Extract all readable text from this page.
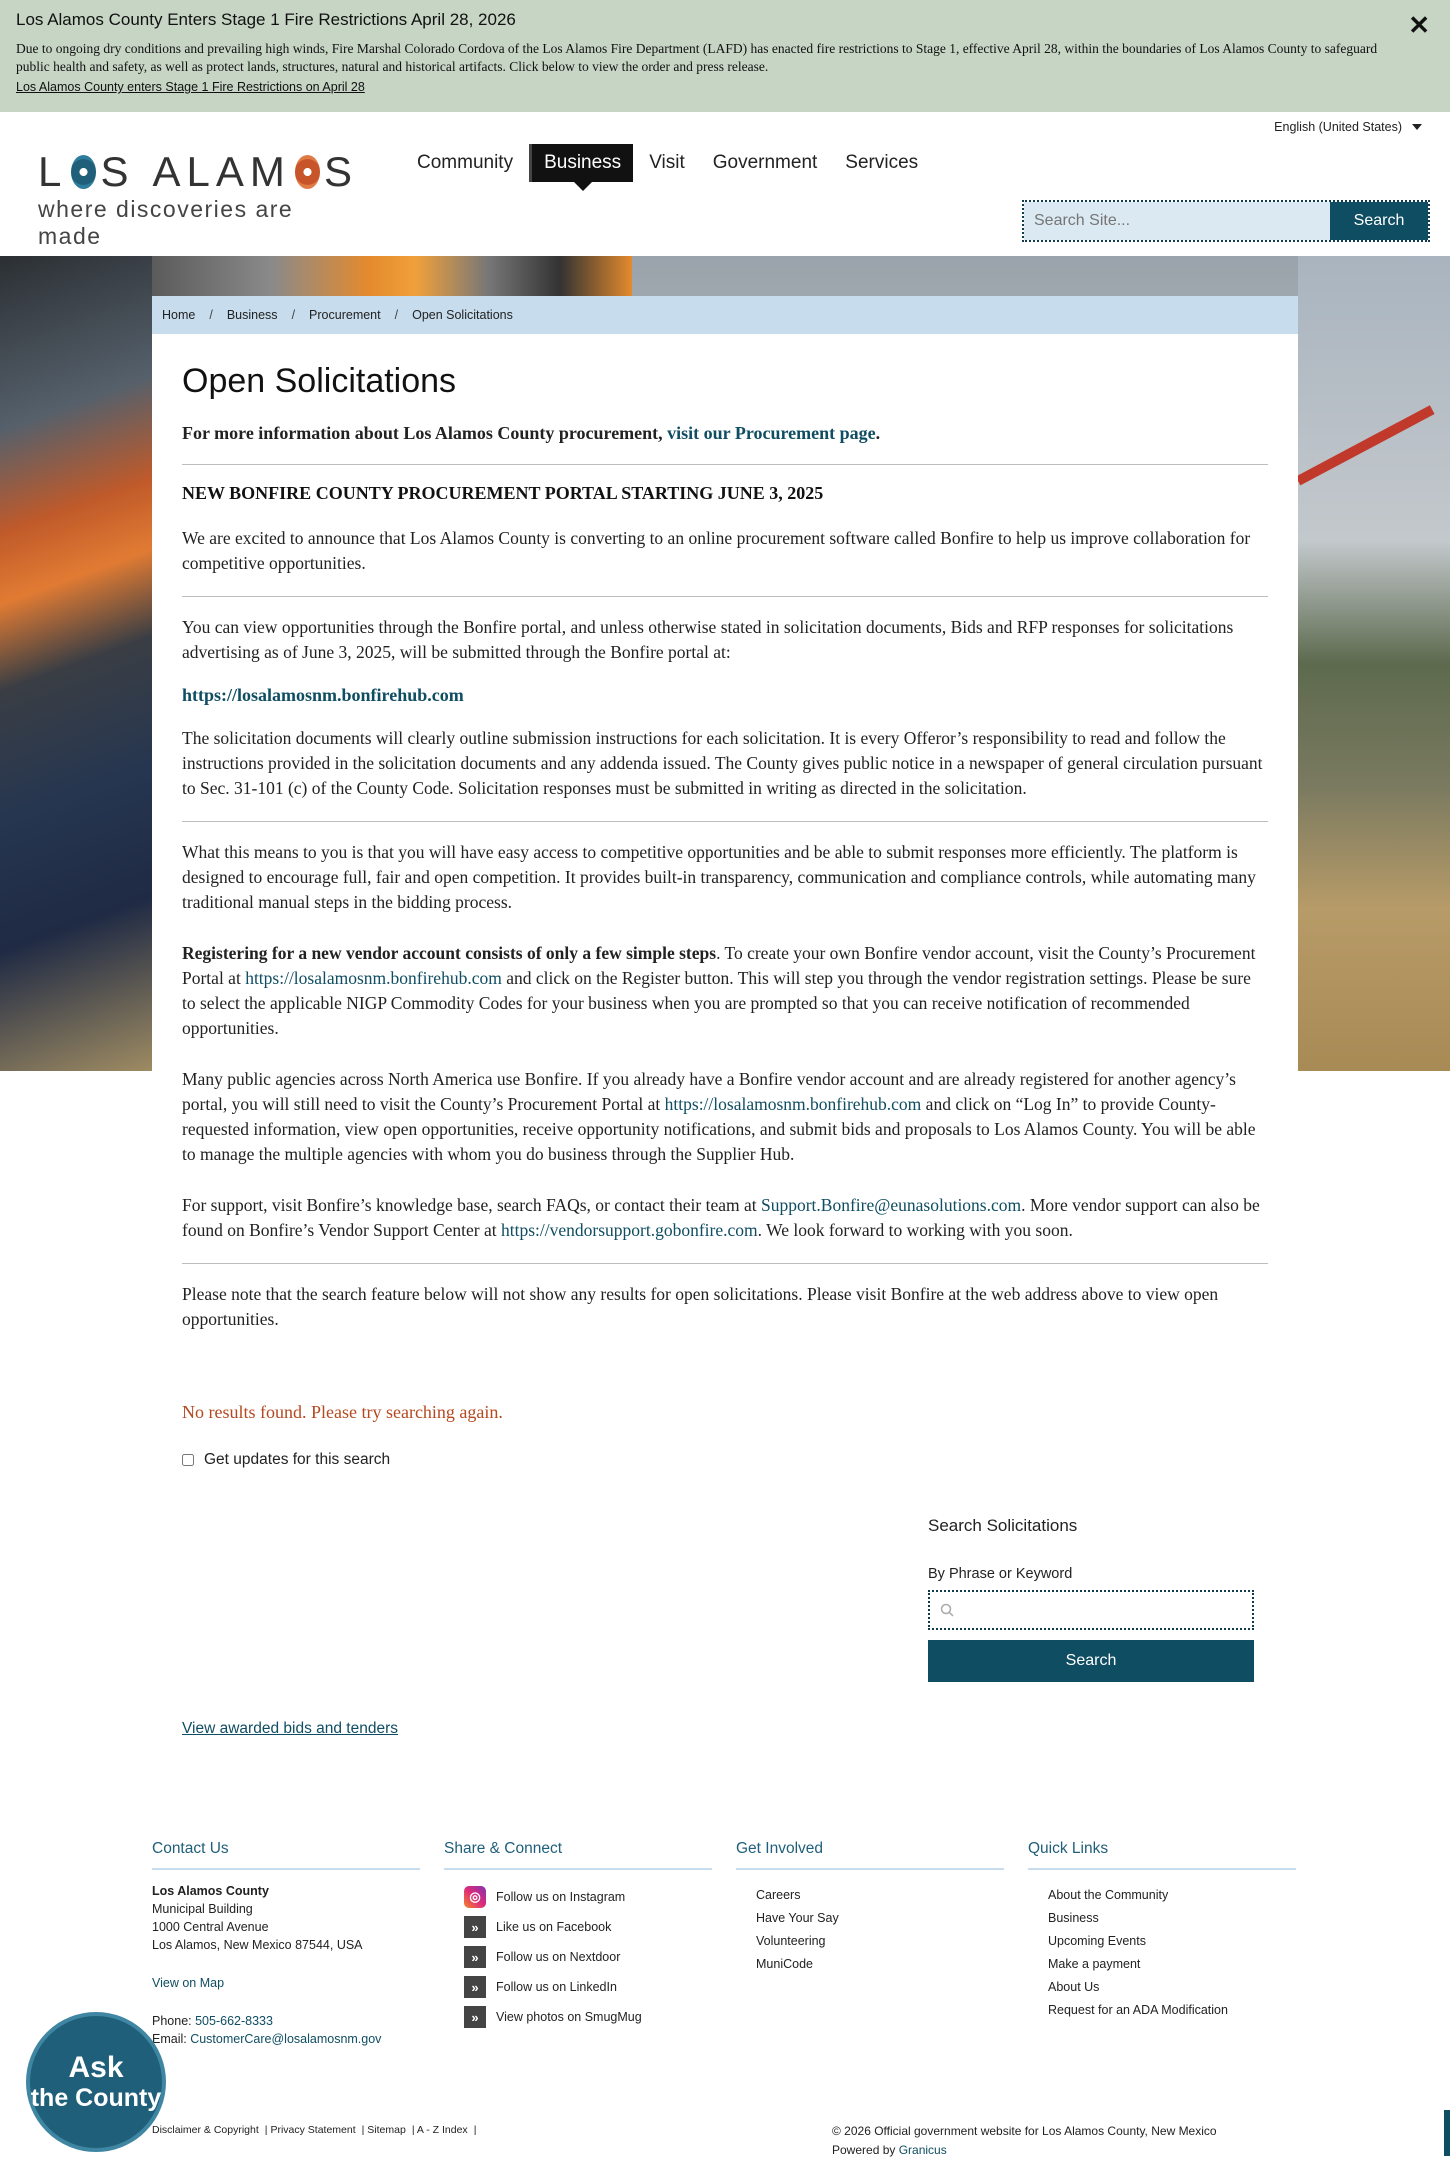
Los Alamos County Enters Stage 1 Fire Restrictions April 28, 2026
Due to ongoing dry conditions and prevailing high winds, Fire Marshal Colorado Cordova of the Los Alamos Fire Department (LAFD) has enacted fire restrictions to Stage 1, effective April 28, within the boundaries of Los Alamos County to safeguard public health and safety, as well as protect lands, structures, natural and historical artifacts. Click below to view the order and press release.
Los Alamos County enters Stage 1 Fire Restrictions on April 28
✕
L S ALAM S
where discoveries are made
Community	Business	Visit	Government	Services
English (United States)
Search Site...
Search
Home / Business / Procurement / Open Solicitations
Open Solicitations

For more information about Los Alamos County procurement, visit our Procurement page.

NEW BONFIRE COUNTY PROCUREMENT PORTAL STARTING JUNE 3, 2025

We are excited to announce that Los Alamos County is converting to an online procurement software called Bonfire to help us improve collaboration for competitive opportunities.

You can view opportunities through the Bonfire portal, and unless otherwise stated in solicitation documents, Bids and RFP responses for solicitations advertising as of June 3, 2025, will be submitted through the Bonfire portal at:

https://losalamosnm.bonfirehub.com

The solicitation documents will clearly outline submission instructions for each solicitation. It is every Offeror’s responsibility to read and follow the instructions provided in the solicitation documents and any addenda issued. The County gives public notice in a newspaper of general circulation pursuant to Sec. 31-101 (c) of the County Code. Solicitation responses must be submitted in writing as directed in the solicitation.

What this means to you is that you will have easy access to competitive opportunities and be able to submit responses more efficiently. The platform is designed to encourage full, fair and open competition. It provides built-in transparency, communication and compliance controls, while automating many traditional manual steps in the bidding process.

Registering for a new vendor account consists of only a few simple steps. To create your own Bonfire vendor account, visit the County’s Procurement Portal at https://losalamosnm.bonfirehub.com and click on the Register button. This will step you through the vendor registration settings. Please be sure to select the applicable NIGP Commodity Codes for your business when you are prompted so that you can receive notification of recommended opportunities.

Many public agencies across North America use Bonfire. If you already have a Bonfire vendor account and are already registered for another agency’s portal, you will still need to visit the County’s Procurement Portal at https://losalamosnm.bonfirehub.com and click on “Log In” to provide County-requested information, view open opportunities, receive opportunity notifications, and submit bids and proposals to Los Alamos County. You will be able to manage the multiple agencies with whom you do business through the Supplier Hub.

For support, visit Bonfire’s knowledge base, search FAQs, or contact their team at Support.Bonfire@eunasolutions.com. More vendor support can also be found on Bonfire’s Vendor Support Center at https://vendorsupport.gobonfire.com. We look forward to working with you soon.

Please note that the search feature below will not show any results for open solicitations. Please visit Bonfire at the web address above to view open opportunities.

No results found. Please try searching again.

Get updates for this search
Search Solicitations
By Phrase or Keyword
Search
View awarded bids and tenders
Contact Us
Los Alamos County
Municipal Building
1000 Central Avenue
Los Alamos, New Mexico 87544, USA
View on Map
Phone: 505-662-8333
Email: CustomerCare@losalamosnm.gov
Share & Connect
◎	Follow us on Instagram
»	Like us on Facebook
»	Follow us on Nextdoor
»	Follow us on LinkedIn
»	View photos on SmugMug
Get Involved
Careers
Have Your Say
Volunteering
MuniCode
Quick Links
About the Community
Business
Upcoming Events
Make a payment
About Us
Request for an ADA Modification
Disclaimer & Copyright | Privacy Statement | Sitemap | A - Z Index |	© 2026 Official government website for Los Alamos County, New Mexico
Powered by Granicus
Ask
the County
